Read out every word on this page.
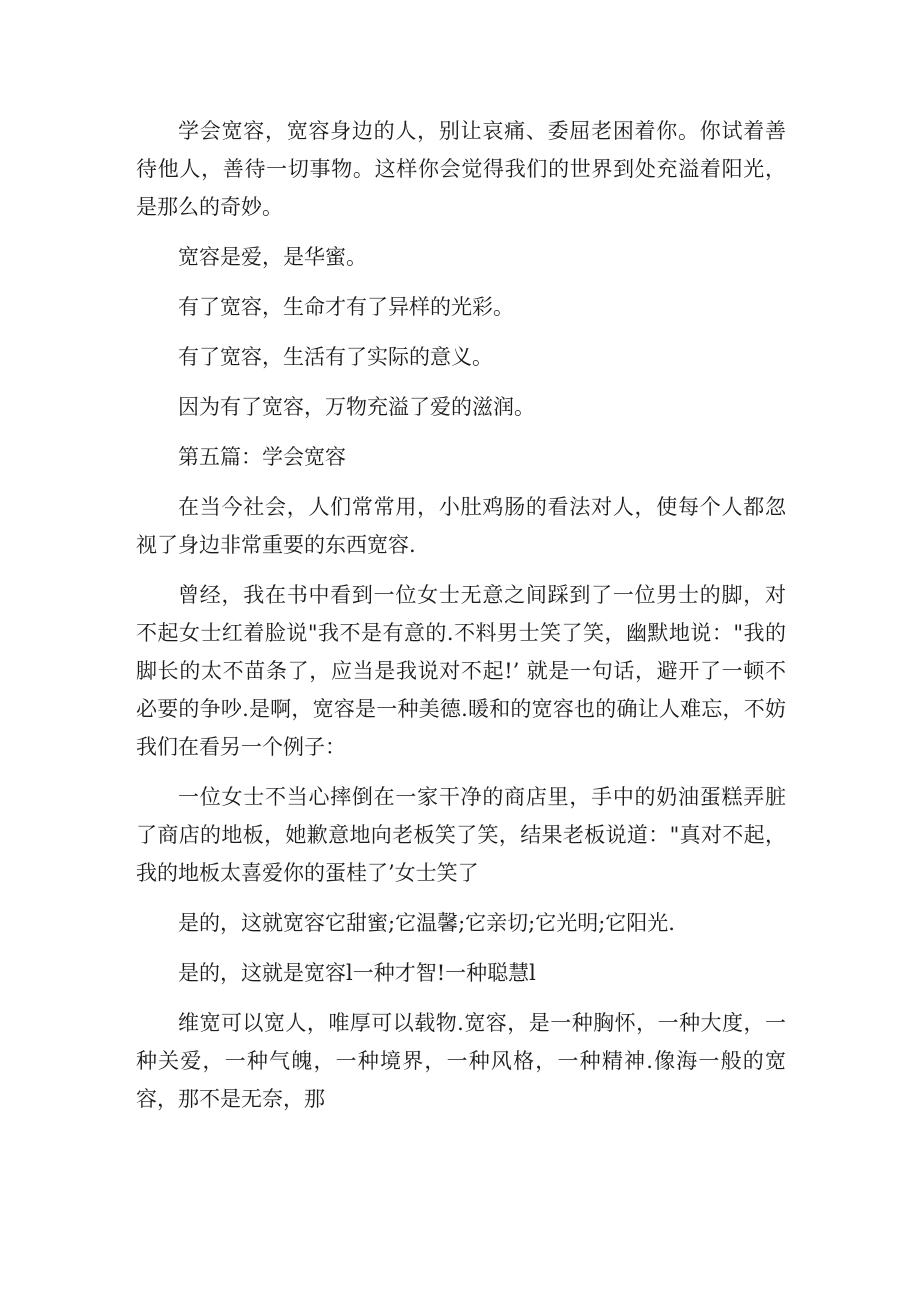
学会宽容，宽容身边的人，别让哀痛、委屈老困着你。你试着善待他人，善待一切事物。这样你会觉得我们的世界到处充溢着阳光，是那么的奇妙。

宽容是爱，是华蜜。

有了宽容，生命才有了异样的光彩。

有了宽容，生活有了实际的意义。

因为有了宽容，万物充溢了爱的滋润。

第五篇：学会宽容

在当今社会，人们常常用，小肚鸡肠的看法对人，使每个人都忽视了身边非常重要的东西宽容.

曾经，我在书中看到一位女士无意之间踩到了一位男士的脚，对不起女士红着脸说"我不是有意的.不料男士笑了笑，幽默地说："我的脚长的太不苗条了，应当是我说对不起!’ 就是一句话，避开了一顿不必要的争吵.是啊，宽容是一种美德.暖和的宽容也的确让人难忘，不妨我们在看另一个例子：

一位女士不当心摔倒在一家干净的商店里，手中的奶油蛋糕弄脏了商店的地板，她歉意地向老板笑了笑，结果老板说道："真对不起，我的地板太喜爱你的蛋桂了’女士笑了

是的，这就宽容它甜蜜;它温馨;它亲切;它光明;它阳光.

是的，这就是宽容l一种才智!一种聪慧l

维宽可以宽人，唯厚可以载物.宽容，是一种胸怀，一种大度，一种关爱，一种气魄，一种境界，一种风格，一种精神.像海一般的宽容，那不是无奈，那
